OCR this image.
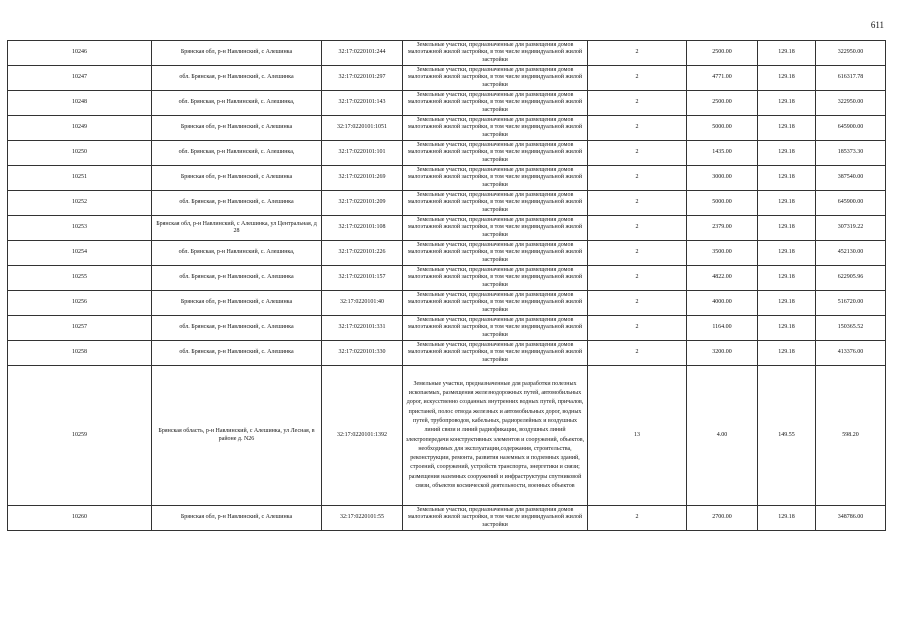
611
10246	Брянская обл, р-н Навлинский, с Алешинка	32:17:0220101:244	Земельные участки, предназначенные для размещения домов малоэтажной жилой застройки, в том числе индивидуальной жилой застройки	2	2500.00	129.18	322950.00
10247	обл. Брянская, р-н Навлинский, с. Алешинка	32:17:0220101:297	Земельные участки, предназначенные для размещения домов малоэтажной жилой застройки, в том числе индивидуальной жилой застройки	2	4771.00	129.18	616317.78
10248	обл. Брянская, р-н Навлинский, с. Алешинка,	32:17:0220101:143	Земельные участки, предназначенные для размещения домов малоэтажной жилой застройки, в том числе индивидуальной жилой застройки	2	2500.00	129.18	322950.00
10249	Брянская обл, р-н Навлинский, с Алешинка	32:17:0220101:1051	Земельные участки, предназначенные для размещения домов малоэтажной жилой застройки, в том числе индивидуальной жилой застройки	2	5000.00	129.18	645900.00
10250	обл. Брянская, р-н Навлинский, с. Алешинка,	32:17:0220101:101	Земельные участки, предназначенные для размещения домов малоэтажной жилой застройки, в том числе индивидуальной жилой застройки	2	1435.00	129.18	185373.30
10251	Брянская обл, р-н Навлинский, с Алешинка	32:17:0220101:269	Земельные участки, предназначенные для размещения домов малоэтажной жилой застройки, в том числе индивидуальной жилой застройки	2	3000.00	129.18	387540.00
10252	обл. Брянская, р-н Навлинский, с. Алешинка	32:17:0220101:209	Земельные участки, предназначенные для размещения домов малоэтажной жилой застройки, в том числе индивидуальной жилой застройки	2	5000.00	129.18	645900.00
10253	Брянская обл, р-н Навлинский, с Алешинка, ул Центральная, д 28	32:17:0220101:108	Земельные участки, предназначенные для размещения домов малоэтажной жилой застройки, в том числе индивидуальной жилой застройки	2	2379.00	129.18	307319.22
10254	обл. Брянская, р-н Навлинский, с. Алешинка,	32:17:0220101:226	Земельные участки, предназначенные для размещения домов малоэтажной жилой застройки, в том числе индивидуальной жилой застройки	2	3500.00	129.18	452130.00
10255	обл. Брянская, р-н Навлинский, с. Алешинка	32:17:0220101:157	Земельные участки, предназначенные для размещения домов малоэтажной жилой застройки, в том числе индивидуальной жилой застройки	2	4822.00	129.18	622905.96
10256	Брянская обл, р-н Навлинский, с Алешинка	32:17:0220101:40	Земельные участки, предназначенные для размещения домов малоэтажной жилой застройки, в том числе индивидуальной жилой застройки	2	4000.00	129.18	516720.00
10257	обл. Брянская, р-н Навлинский, с. Алешинка	32:17:0220101:331	Земельные участки, предназначенные для размещения домов малоэтажной жилой застройки, в том числе индивидуальной жилой застройки	2	1164.00	129.18	150365.52
10258	обл. Брянская, р-н Навлинский, с. Алешинка	32:17:0220101:330	Земельные участки, предназначенные для размещения домов малоэтажной жилой застройки, в том числе индивидуальной жилой застройки	2	3200.00	129.18	413376.00
10259	Брянская область, р-н Навлинский, с Алешинка, ул Лесная, в районе д. N26	32:17:0220101:1392	Земельные участки, предназначенные для разработки полезных ископаемых, размещения железнодорожных путей, автомобильных дорог, искусственно созданных внутренних водных путей, причалов, пристаней, полос отвода железных и автомобильных дорог, водных путей, трубопроводов, кабельных, радиорелейных и воздушных линий связи и линий радиофикации, воздушных линий электропередачи конструктивных элементов и сооружений, объектов, необходимых для эксплуатации,содержания, строительства, реконструкции, ремонта, развития наземных и подземных зданий, строений, сооружений, устройств транспорта, энергетики и связи; размещения наземных сооружений и инфраструктуры спутниковой связи, объектов космической деятельности, военных объектов	13	4.00	149.55	598.20
10260	Брянская обл, р-н Навлинский, с Алешинка	32:17:0220101:55	Земельные участки, предназначенные для размещения домов малоэтажной жилой застройки, в том числе индивидуальной жилой застройки	2	2700.00	129.18	348786.00
